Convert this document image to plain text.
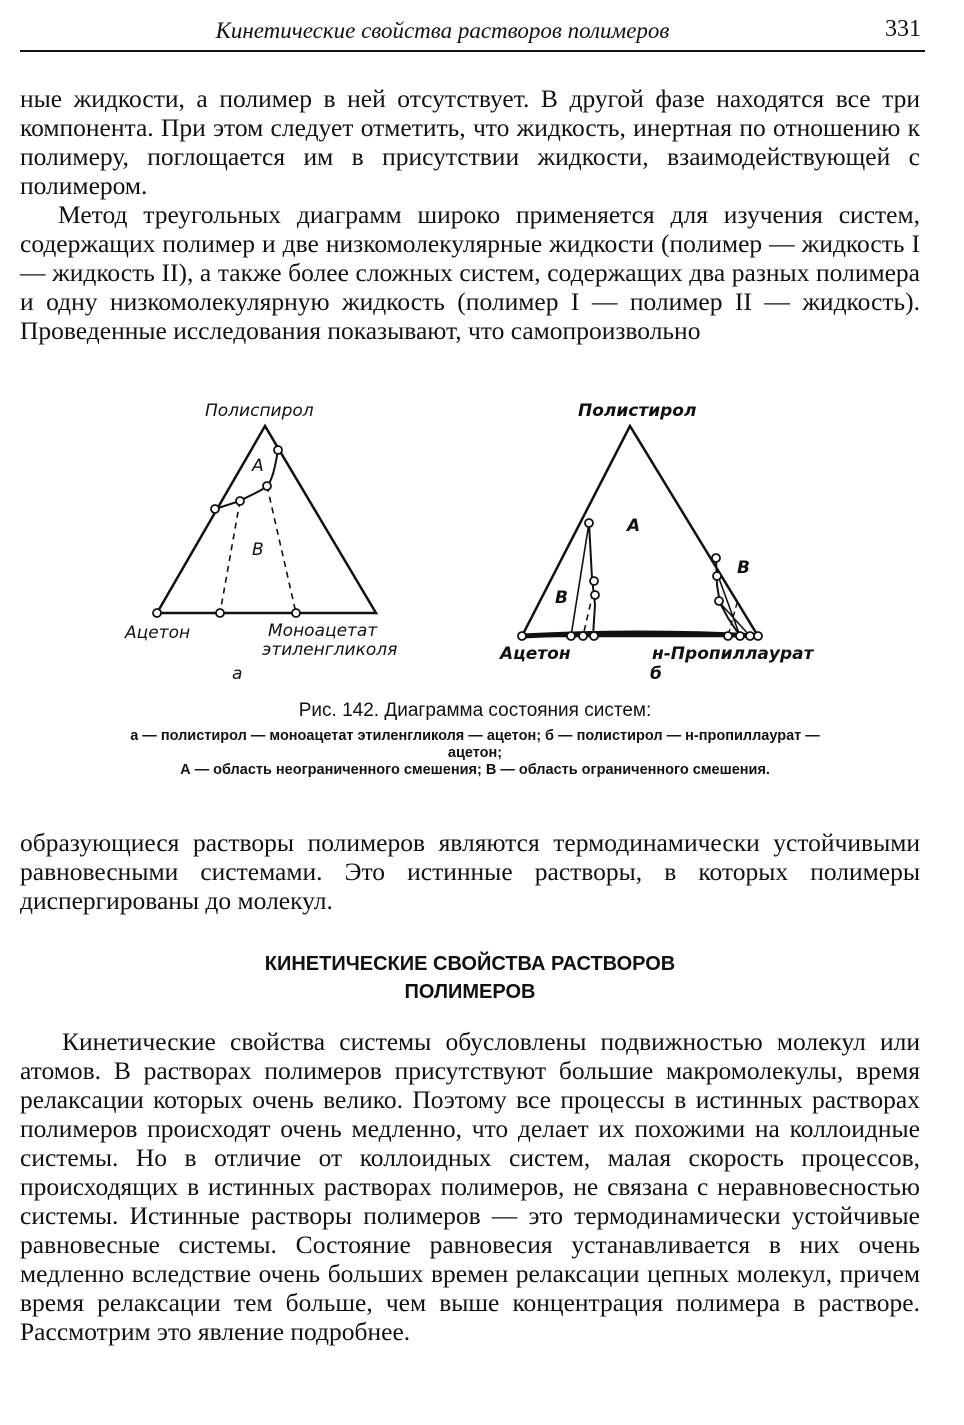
Кинетические свойства растворов полимеров	331

ные жидкости, а полимер в ней отсутствует. В другой фазе находятся все три компонента. При этом следует отметить, что жидкость, инертная по отношению к полимеру, поглощается им в присутствии жидкости, взаимодействующей с полимером.

Метод треугольных диаграмм широко применяется для изучения систем, содержащих полимер и две низкомолекулярные жидкости (полимер — жидкость I — жидкость II), а также более сложных систем, содержащих два разных полимера и одну низкомолекулярную жидкость (полимер I — полимер II — жидкость). Проведенные исследования показывают, что самопроизвольно

Полиспирол
А
В
Ацетон	Моноацетат
этиленгликоля
а
Полистирол
А
В
В
Ацетон	н-Пропиллаурат
б
Рис. 142. Диаграмма состояния систем:
а — полистирол — моноацетат этиленгликоля — ацетон; б — полистирол — н-пропиллаурат —
ацетон;
А — область неограниченного смешения; В — область ограниченного смешения.

образующиеся растворы полимеров являются термодинамически устойчивыми равновесными системами. Это истинные растворы, в которых полимеры диспергированы до молекул.

КИНЕТИЧЕСКИЕ СВОЙСТВА РАСТВОРОВ
ПОЛИМЕРОВ

Кинетические свойства системы обусловлены подвижностью молекул или атомов. В растворах полимеров присутствуют большие макромолекулы, время релаксации которых очень велико. Поэтому все процессы в истинных растворах полимеров происходят очень медленно, что делает их похожими на коллоидные системы. Но в отличие от коллоидных систем, малая скорость процессов, происходящих в истинных растворах полимеров, не связана с неравновесностью системы. Истинные растворы полимеров — это термодинамически устойчивые равновесные системы. Состояние равновесия устанавливается в них очень медленно вследствие очень больших времен релаксации цепных молекул, причем время релаксации тем больше, чем выше концентрация полимера в растворе. Рассмотрим это явление подробнее.
